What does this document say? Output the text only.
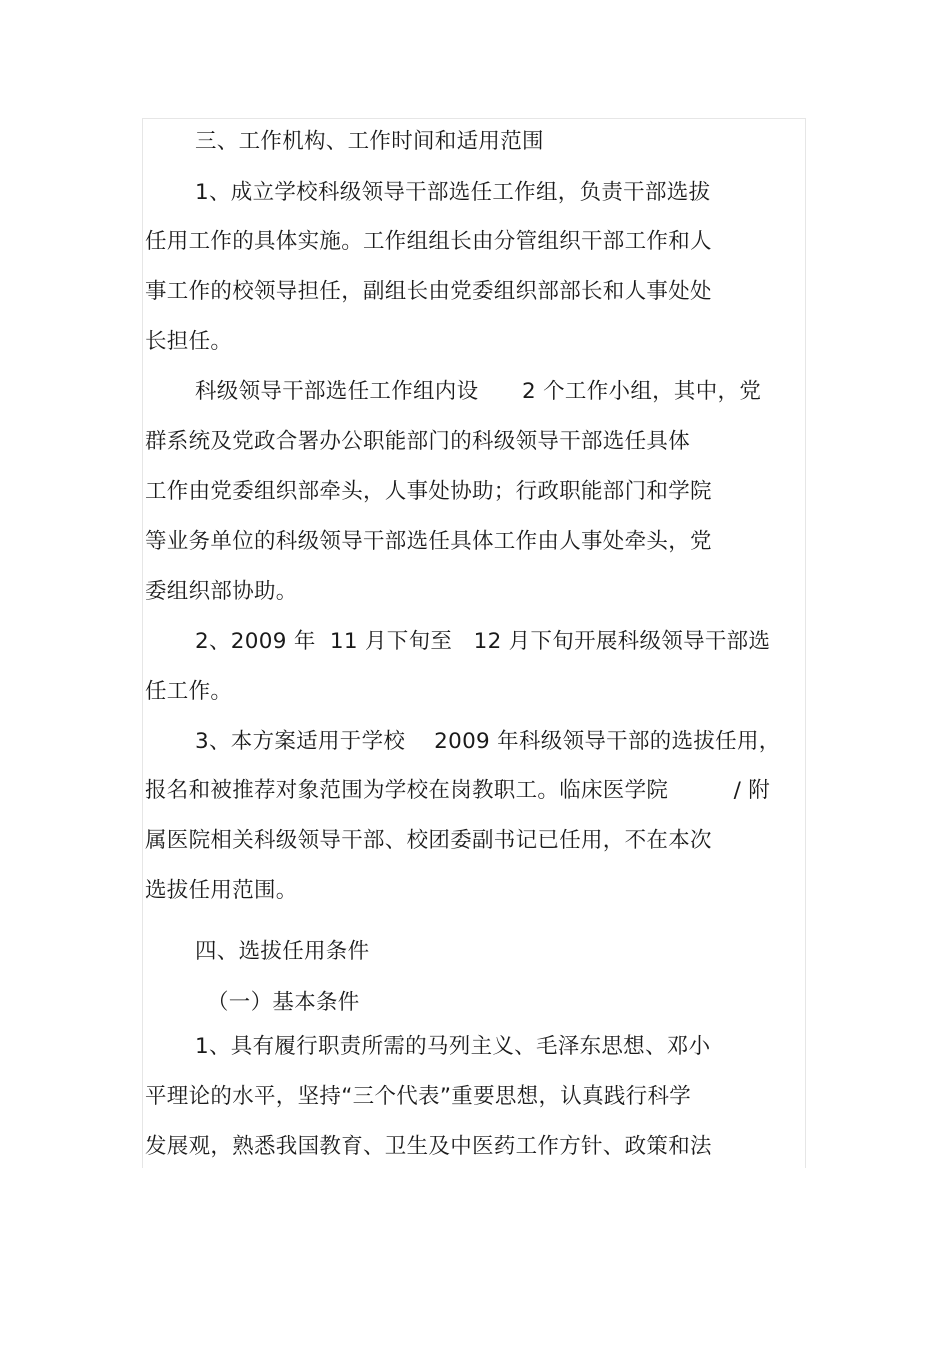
三、工作机构、工作时间和适用范围
1、成立学校科级领导干部选任工作组，负责干部选拔
任用工作的具体实施。工作组组长由分管组织干部工作和人
事工作的校领导担任，副组长由党委组织部部长和人事处处
长担任。
科级领导干部选任工作组内设　　2 个工作小组，其中，党
群系统及党政合署办公职能部门的科级领导干部选任具体
工作由党委组织部牵头，人事处协助；行政职能部门和学院
等业务单位的科级领导干部选任具体工作由人事处牵头，党
委组织部协助。
2、2009 年  11 月下旬至   12 月下旬开展科级领导干部选
任工作。
3、本方案适用于学校　 2009 年科级领导干部的选拔任用，
报名和被推荐对象范围为学校在岗教职工。临床医学院　　　/ 附
属医院相关科级领导干部、校团委副书记已任用，不在本次
选拔任用范围。
四、选拔任用条件
（一）基本条件
1、具有履行职责所需的马列主义、毛泽东思想、邓小
平理论的水平，坚持“三个代表”重要思想，认真践行科学
发展观，熟悉我国教育、卫生及中医药工作方针、政策和法
